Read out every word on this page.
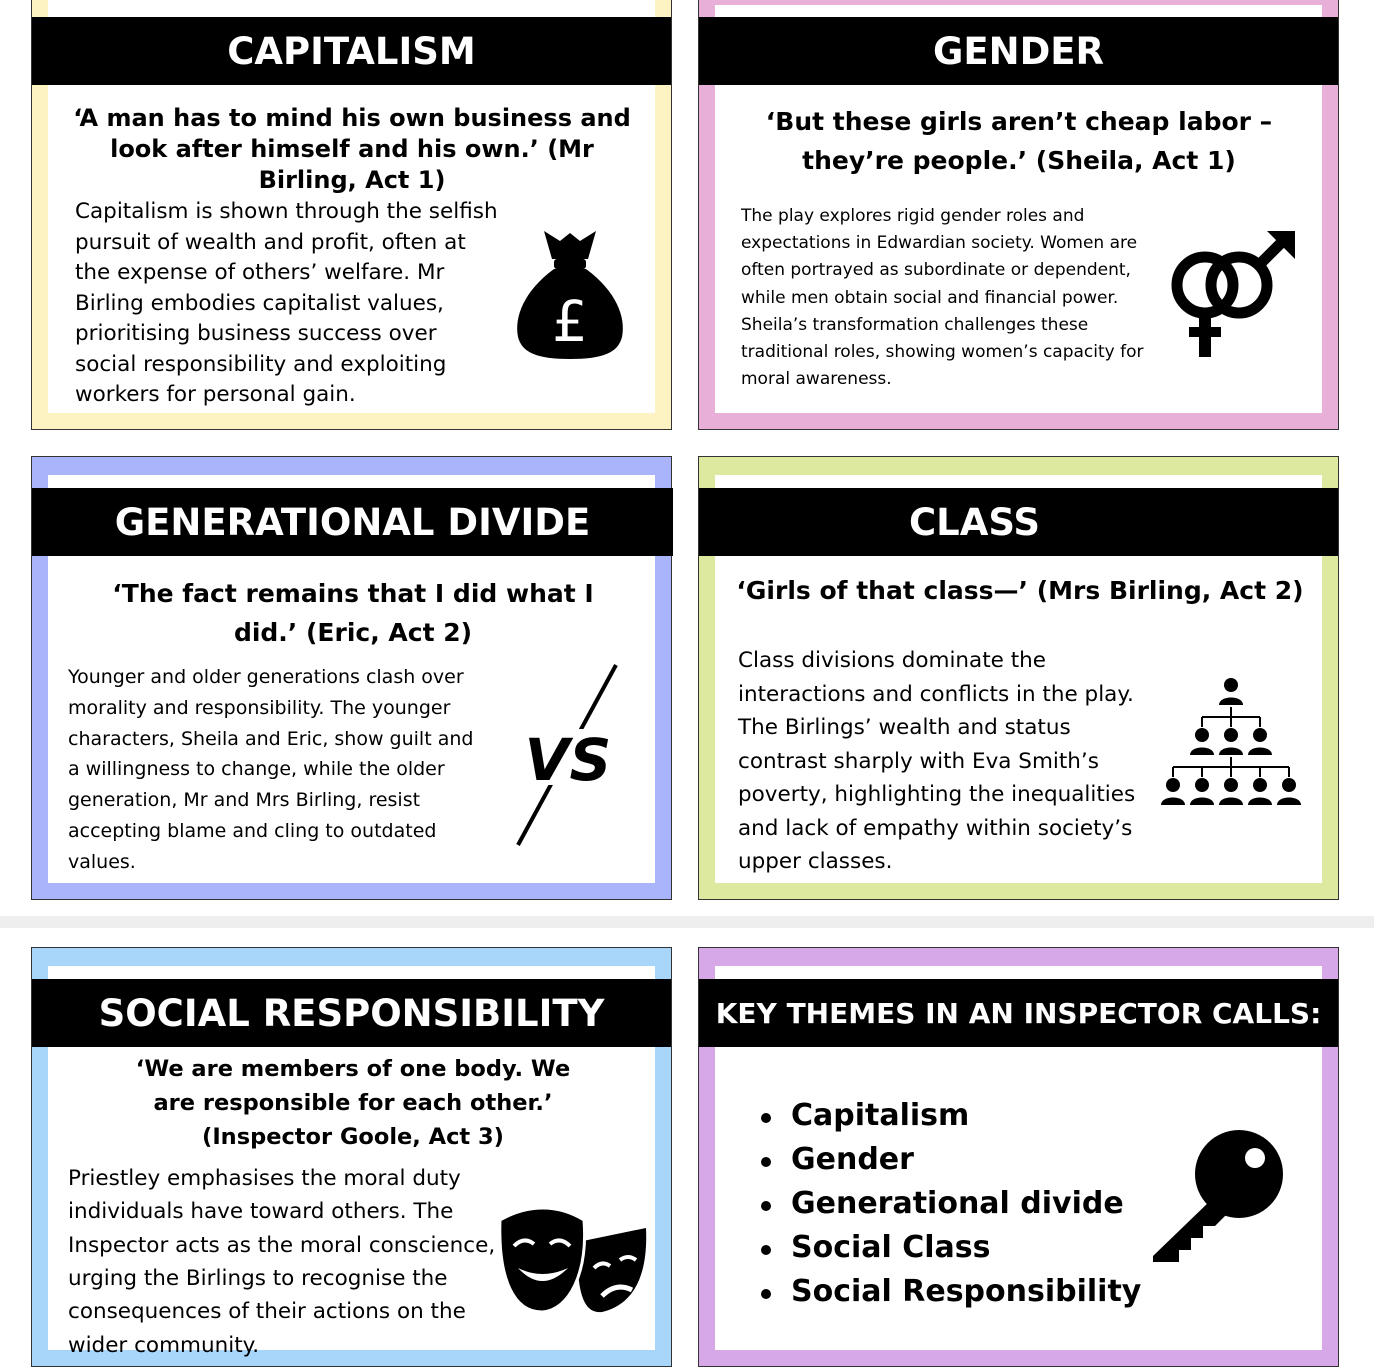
CAPITALISM
‘A man has to mind his own business and look after himself and his own.’ (Mr Birling, Act 1)
Capitalism is shown through the selfish pursuit of wealth and profit, often at the expense of others’ welfare. Mr Birling embodies capitalist values, prioritising business success over social responsibility and exploiting workers for personal gain.
£
GENDER
‘But these girls aren’t cheap labor – they’re people.’ (Sheila, Act 1)
The play explores rigid gender roles and expectations in Edwardian society. Women are often portrayed as subordinate or dependent, while men obtain social and financial power. Sheila’s transformation challenges these traditional roles, showing women’s capacity for moral awareness.
GENERATIONAL DIVIDE
‘The fact remains that I did what I did.’ (Eric, Act 2)
Younger and older generations clash over morality and responsibility. The younger characters, Sheila and Eric, show guilt and a willingness to change, while the older generation, Mr and Mrs Birling, resist accepting blame and cling to outdated values.
VS
CLASS
‘Girls of that class—’ (Mrs Birling, Act 2)
Class divisions dominate the interactions and conflicts in the play. The Birlings’ wealth and status contrast sharply with Eva Smith’s poverty, highlighting the inequalities and lack of empathy within society’s upper classes.
SOCIAL RESPONSIBILITY
‘We are members of one body. We are responsible for each other.’ (Inspector Goole, Act 3)
Priestley emphasises the moral duty individuals have toward others. The Inspector acts as the moral conscience, urging the Birlings to recognise the consequences of their actions on the wider community.
KEY THEMES IN AN INSPECTOR CALLS:
Capitalism
Gender
Generational divide
Social Class
Social Responsibility
